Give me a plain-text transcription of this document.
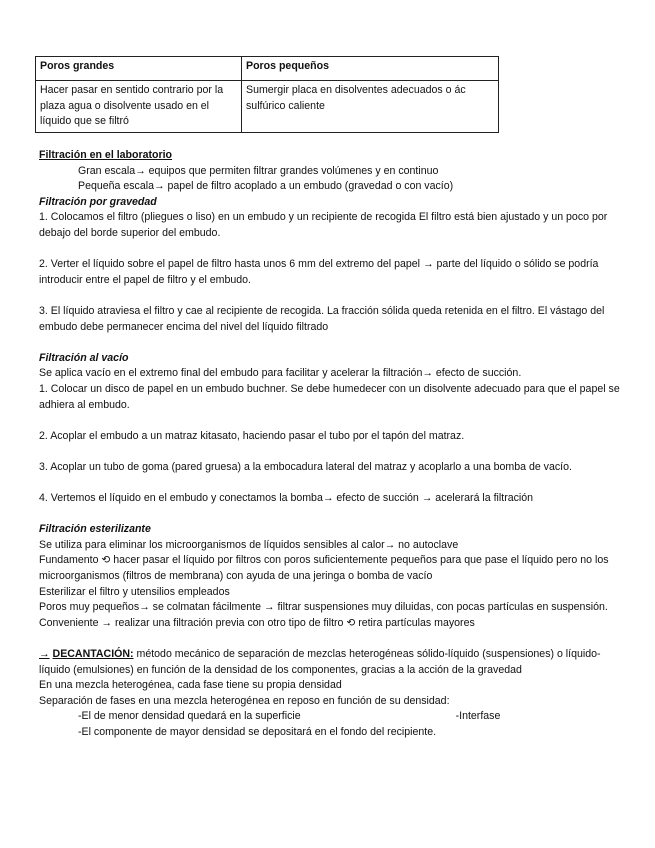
Poros grandes	Poros pequeños
Hacer pasar en sentido contrario por la plaza agua o disolvente usado en el líquido que se filtró	Sumergir placa en disolventes adecuados o ác sulfúrico caliente
Filtración en el laboratorio
Gran escala→ equipos que permiten filtrar grandes volúmenes y en continuo
Pequeña escala→ papel de filtro acoplado a un embudo (gravedad o con vacío)
Filtración por gravedad
1. Colocamos el filtro (pliegues o liso) en un embudo y un recipiente de recogida El filtro está bien ajustado y un poco por debajo del borde superior del embudo.
2. Verter el líquido sobre el papel de filtro hasta unos 6 mm del extremo del papel → parte del líquido o sólido se podría introducir entre el papel de filtro y el embudo.
3. El líquido atraviesa el filtro y cae al recipiente de recogida. La fracción sólida queda retenida en el filtro. El vástago del embudo debe permanecer encima del nivel del líquido filtrado
Filtración al vacío
Se aplica vacío en el extremo final del embudo para facilitar y acelerar la filtración→ efecto de succión.
1. Colocar un disco de papel en un embudo buchner. Se debe humedecer con un disolvente adecuado para que el papel se adhiera al embudo.
2. Acoplar el embudo a un matraz kitasato, haciendo pasar el tubo por el tapón del matraz.
3. Acoplar un tubo de goma (pared gruesa) a la embocadura lateral del matraz y acoplarlo a una bomba de vacío.
4. Vertemos el líquido en el embudo y conectamos la bomba→ efecto de succión → acelerará la filtración
Filtración esterilizante
Se utiliza para eliminar los microorganismos de líquidos sensibles al calor→ no autoclave
Fundamento ⟲ hacer pasar el líquido por filtros con poros suficientemente pequeños para que pase el líquido pero no los microorganismos (filtros de membrana) con ayuda de una jeringa o bomba de vacío
Esterilizar el filtro y utensilios empleados
Poros muy pequeños→ se colmatan fácilmente → filtrar suspensiones muy diluidas, con pocas partículas en suspensión.
Conveniente → realizar una filtración previa con otro tipo de filtro ⟲ retira partículas mayores
→ DECANTACIÓN: método mecánico de separación de mezclas heterogéneas sólido-líquido (suspensiones) o líquido-líquido (emulsiones) en función de la densidad de los componentes, gracias a la acción de la gravedad
En una mezcla heterogénea, cada fase tiene su propia densidad
Separación de fases en una mezcla heterogénea en reposo en función de su densidad:
-El de menor densidad quedará en la superficie	-Interfase
-El componente de mayor densidad se depositará en el fondo del recipiente.
